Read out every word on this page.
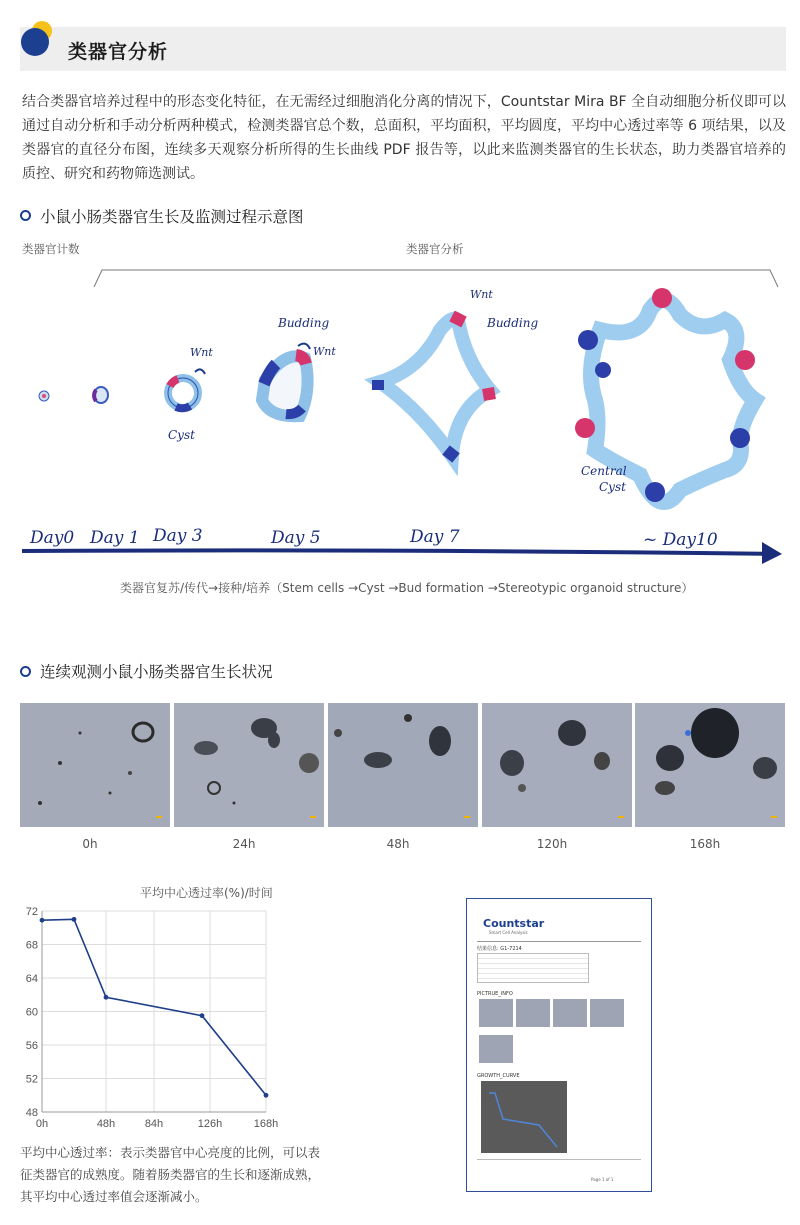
类器官分析
结合类器官培养过程中的形态变化特征，在无需经过细胞消化分离的情况下，Countstar Mira BF 全自动细胞分析仪即可以通过自动分析和手动分析两种模式，检测类器官总个数，总面积，平均面积，平均圆度，平均中心透过率等 6 项结果，以及类器官的直径分布图，连续多天观察分析所得的生长曲线 PDF 报告等，以此来监测类器官的生长状态，助力类器官培养的质控、研究和药物筛选测试。
小鼠小肠类器官生长及监测过程示意图
类器官计数	类器官分析
Wnt	Wnt
Wnt
Budding	Budding
Cyst
Central
Cyst
Day0 Day 1 Day 3	Day 5	Day 7	~ Day10
类器官复苏/传代→接种/培养（Stem cells →Cyst →Bud formation →Stereotypic organoid structure）
连续观测小鼠小肠类器官生长状况
0h	24h	48h	120h	168h
平均中心透过率(%)/时间
48
52
56
60
64
68
72
0h	48h	84h	126h	168h
Countstar
Smart Cell Analysis
结果信息: G1-7214
PICTRUE_INFO
GROWTH_CURVE
Page 1 of 1
平均中心透过率：表示类器官中心亮度的比例，可以表征类器官的成熟度。随着肠类器官的生长和逐渐成熟，其平均中心透过率值会逐渐减小。
